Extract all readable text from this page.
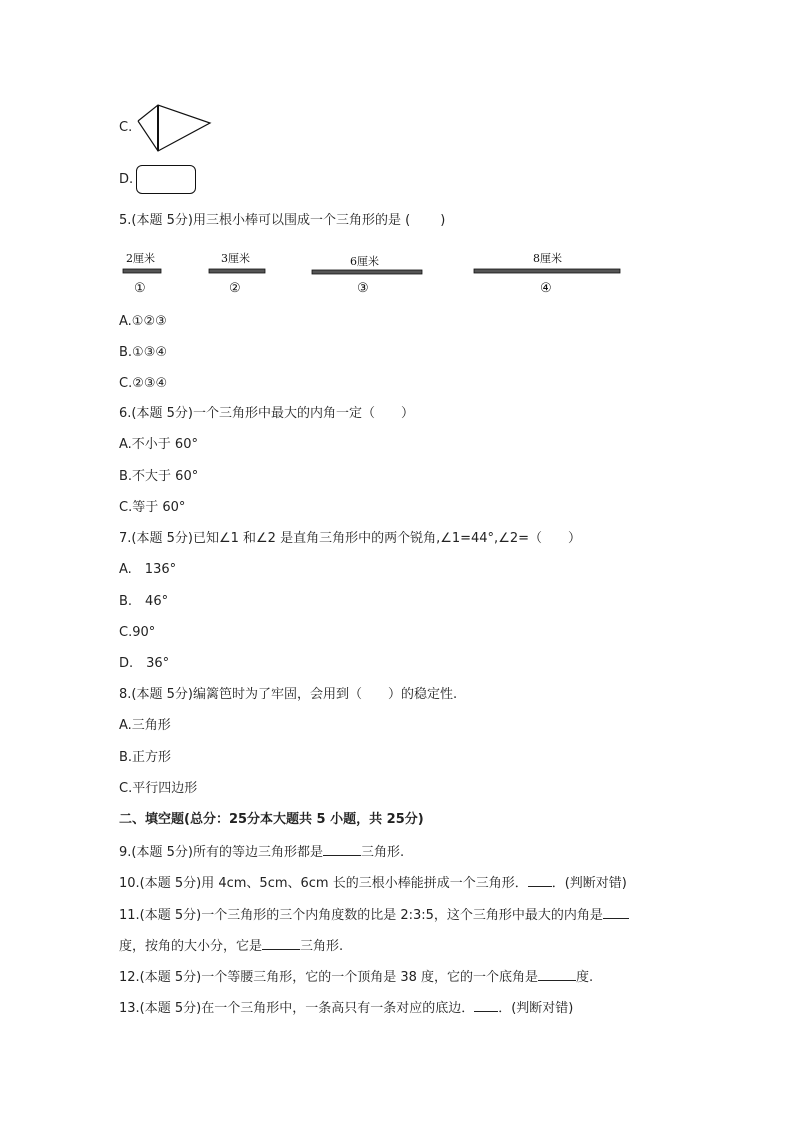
C.
D.
5.(本题 5分)用三根小棒可以围成一个三角形的是 (　　 )
2厘米
①
3厘米
②
6厘米
③
8厘米
④
A.①②③
B.①③④
C.②③④
6.(本题 5分)一个三角形中最大的内角一定（　　）
A.不小于 60°
B.不大于 60°
C.等于 60°
7.(本题 5分)已知∠1 和∠2 是直角三角形中的两个锐角,∠1=44°,∠2=（　　）
A.　136°
B.　46°
C.90°
D.　36°
8.(本题 5分)编篱笆时为了牢固，会用到（　　）的稳定性.
A.三角形
B.正方形
C.平行四边形
二、填空题(总分：25分本大题共 5 小题，共 25分)
9.(本题 5分)所有的等边三角形都是	三角形.
10.(本题 5分)用 4cm、5cm、6cm 长的三根小棒能拼成一个三角形． ．(判断对错)
11.(本题 5分)一个三角形的三个内角度数的比是 2:3:5，这个三角形中最大的内角是
度，按角的大小分，它是	三角形.
12.(本题 5分)一个等腰三角形，它的一个顶角是 38 度，它的一个底角是	度.
13.(本题 5分)在一个三角形中，一条高只有一条对应的底边． ．(判断对错)
